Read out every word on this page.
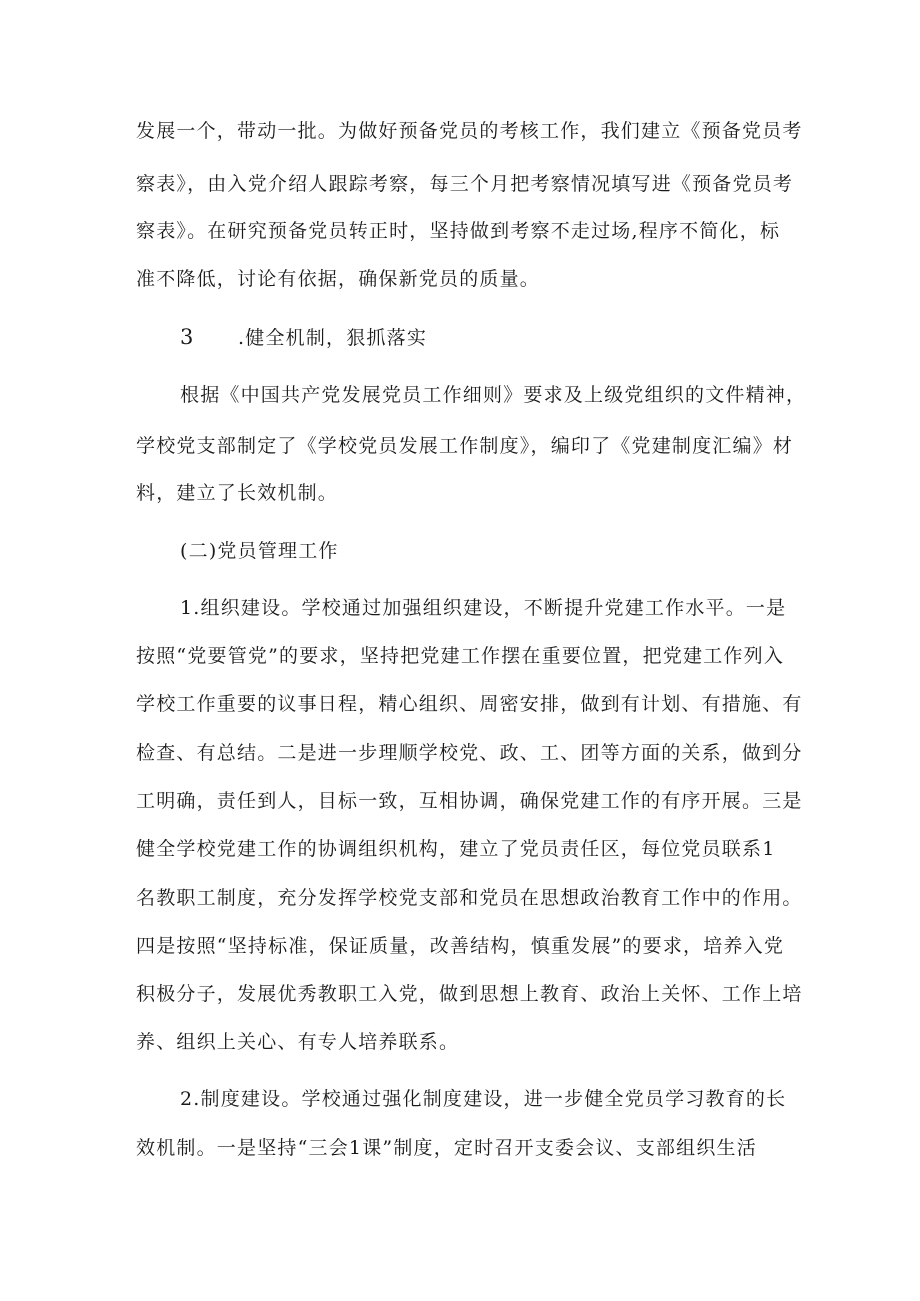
发展一个，带动一批。为做好预备党员的考核工作，我们建立《预备党员考
察表》，由入党介绍人跟踪考察，每三个月把考察情况填写进《预备党员考
察表》。在研究预备党员转正时，坚持做到考察不走过场,程序不简化，标
准不降低，讨论有依据，确保新党员的质量。
3 .健全机制，狠抓落实
根据《中国共产党发展党员工作细则》要求及上级党组织的文件精神，
学校党支部制定了《学校党员发展工作制度》，编印了《党建制度汇编》材
料，建立了长效机制。
(二)党员管理工作
1.组织建设。学校通过加强组织建设，不断提升党建工作水平。一是
按照“党要管党”的要求，坚持把党建工作摆在重要位置，把党建工作列入
学校工作重要的议事日程，精心组织、周密安排，做到有计划、有措施、有
检查、有总结。二是进一步理顺学校党、政、工、团等方面的关系，做到分
工明确，责任到人，目标一致，互相协调，确保党建工作的有序开展。三是
健全学校党建工作的协调组织机构，建立了党员责任区，每位党员联系1
名教职工制度，充分发挥学校党支部和党员在思想政治教育工作中的作用。
四是按照“坚持标准，保证质量，改善结构，慎重发展”的要求，培养入党
积极分子，发展优秀教职工入党，做到思想上教育、政治上关怀、工作上培
养、组织上关心、有专人培养联系。
2.制度建设。学校通过强化制度建设，进一步健全党员学习教育的长
效机制。一是坚持“三会1课”制度，定时召开支委会议、支部组织生活
